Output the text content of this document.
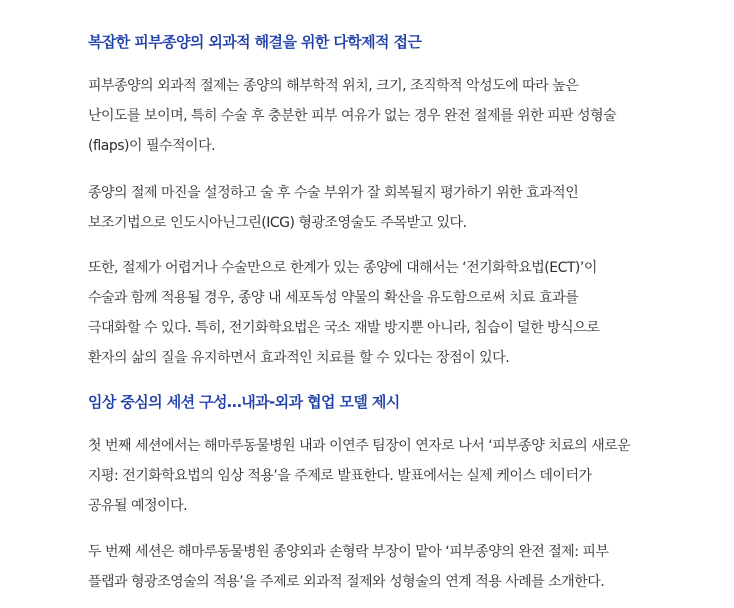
복잡한 피부종양의 외과적 해결을 위한 다학제적 접근

피부종양의 외과적 절제는 종양의 해부학적 위치, 크기, 조직학적 악성도에 따라 높은
난이도를 보이며, 특히 수술 후 충분한 피부 여유가 없는 경우 완전 절제를 위한 피판 성형술
(flaps)이 필수적이다.

종양의 절제 마진을 설정하고 술 후 수술 부위가 잘 회복될지 평가하기 위한 효과적인
보조기법으로 인도시아닌그린(ICG) 형광조영술도 주목받고 있다.

또한, 절제가 어렵거나 수술만으로 한계가 있는 종양에 대해서는 ‘전기화학요법(ECT)’이
수술과 함께 적용될 경우, 종양 내 세포독성 약물의 확산을 유도함으로써 치료 효과를
극대화할 수 있다. 특히, 전기화학요법은 국소 재발 방지뿐 아니라, 침습이 덜한 방식으로
환자의 삶의 질을 유지하면서 효과적인 치료를 할 수 있다는 장점이 있다.

임상 중심의 세션 구성…내과-외과 협업 모델 제시

첫 번째 세션에서는 해마루동물병원 내과 이연주 팀장이 연자로 나서 ‘피부종양 치료의 새로운
지평: 전기화학요법의 임상 적용’을 주제로 발표한다. 발표에서는 실제 케이스 데이터가
공유될 예정이다.

두 번째 세션은 해마루동물병원 종양외과 손형락 부장이 맡아 ‘피부종양의 완전 절제: 피부
플랩과 형광조영술의 적용’을 주제로 외과적 절제와 성형술의 연계 적용 사례를 소개한다.
